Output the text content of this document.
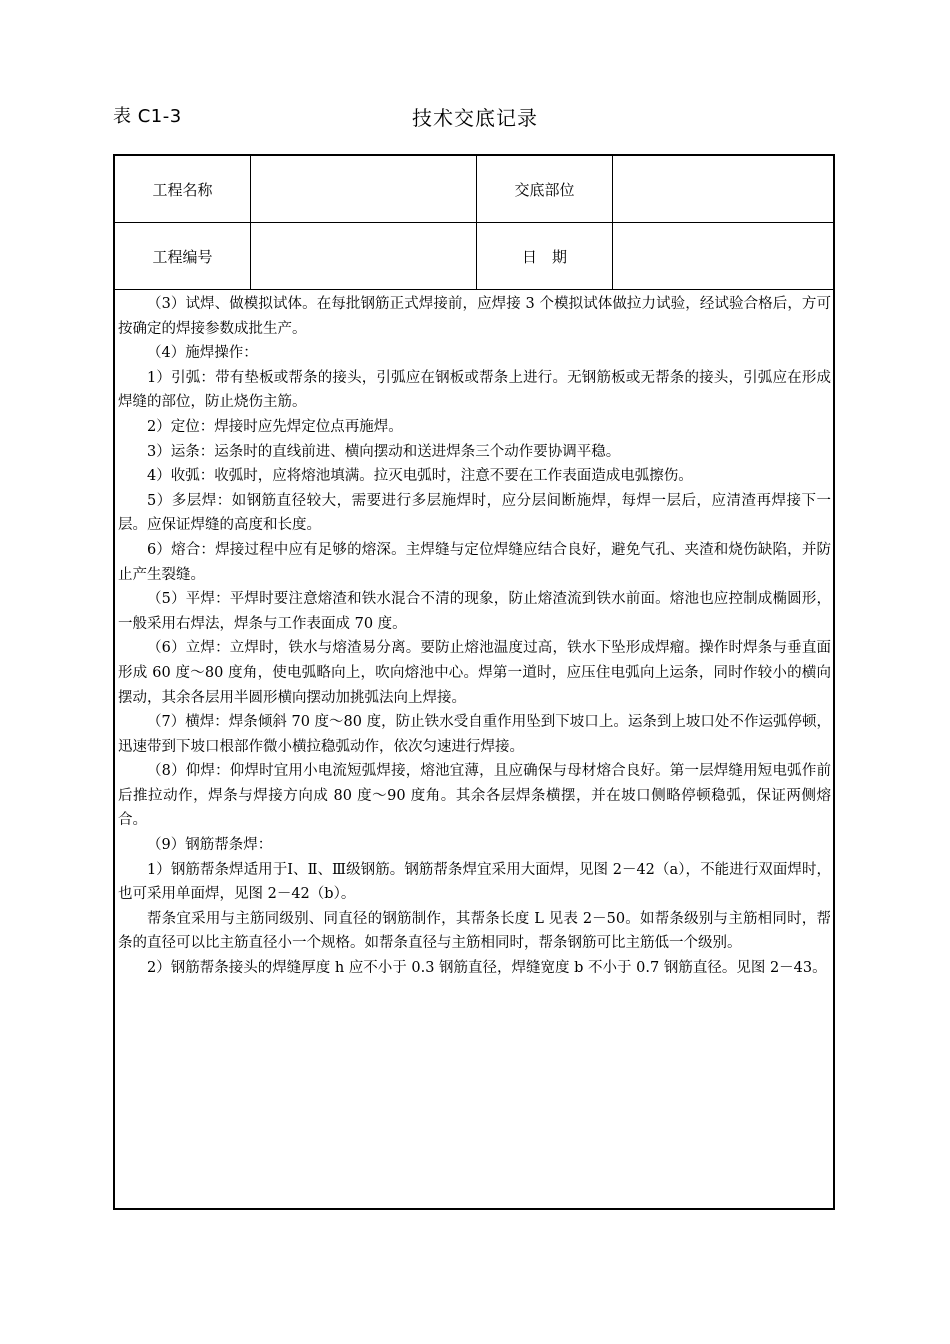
表 C1-3	技术交底记录
工程名称	交底部位
工程编号	日　期

（3）试焊、做模拟试体。在每批钢筋正式焊接前，应焊接 3 个模拟试体做拉力试验，经试验合格后，方可按确定的焊接参数成批生产。

（4）施焊操作：

1）引弧：带有垫板或帮条的接头，引弧应在钢板或帮条上进行。无钢筋板或无帮条的接头，引弧应在形成焊缝的部位，防止烧伤主筋。

2）定位：焊接时应先焊定位点再施焊。

3）运条：运条时的直线前进、横向摆动和送进焊条三个动作要协调平稳。

4）收弧：收弧时，应将熔池填满。拉灭电弧时，注意不要在工作表面造成电弧擦伤。

5）多层焊：如钢筋直径较大，需要进行多层施焊时，应分层间断施焊，每焊一层后，应清渣再焊接下一层。应保证焊缝的高度和长度。

6）熔合：焊接过程中应有足够的熔深。主焊缝与定位焊缝应结合良好，避免气孔、夹渣和烧伤缺陷，并防止产生裂缝。

（5）平焊：平焊时要注意熔渣和铁水混合不清的现象，防止熔渣流到铁水前面。熔池也应控制成椭圆形，一般采用右焊法，焊条与工作表面成 70 度。

（6）立焊：立焊时，铁水与熔渣易分离。要防止熔池温度过高，铁水下坠形成焊瘤。操作时焊条与垂直面形成 60 度～80 度角，使电弧略向上，吹向熔池中心。焊第一道时，应压住电弧向上运条，同时作较小的横向摆动，其余各层用半圆形横向摆动加挑弧法向上焊接。

（7）横焊：焊条倾斜 70 度～80 度，防止铁水受自重作用坠到下坡口上。运条到上坡口处不作运弧停顿，迅速带到下坡口根部作微小横拉稳弧动作，依次匀速进行焊接。

（8）仰焊：仰焊时宜用小电流短弧焊接，熔池宜薄，且应确保与母材熔合良好。第一层焊缝用短电弧作前后推拉动作，焊条与焊接方向成 80 度～90 度角。其余各层焊条横摆，并在坡口侧略停顿稳弧，保证两侧熔合。

（9）钢筋帮条焊：

1）钢筋帮条焊适用于Ⅰ、Ⅱ、Ⅲ级钢筋。钢筋帮条焊宜采用大面焊，见图 2－42（a），不能进行双面焊时，也可采用单面焊，见图 2－42（b）。

帮条宜采用与主筋同级别、同直径的钢筋制作，其帮条长度 L 见表 2－50。如帮条级别与主筋相同时，帮条的直径可以比主筋直径小一个规格。如帮条直径与主筋相同时，帮条钢筋可比主筋低一个级别。

2）钢筋帮条接头的焊缝厚度 h 应不小于 0.3 钢筋直径，焊缝宽度 b 不小于 0.7 钢筋直径。见图 2－43。
